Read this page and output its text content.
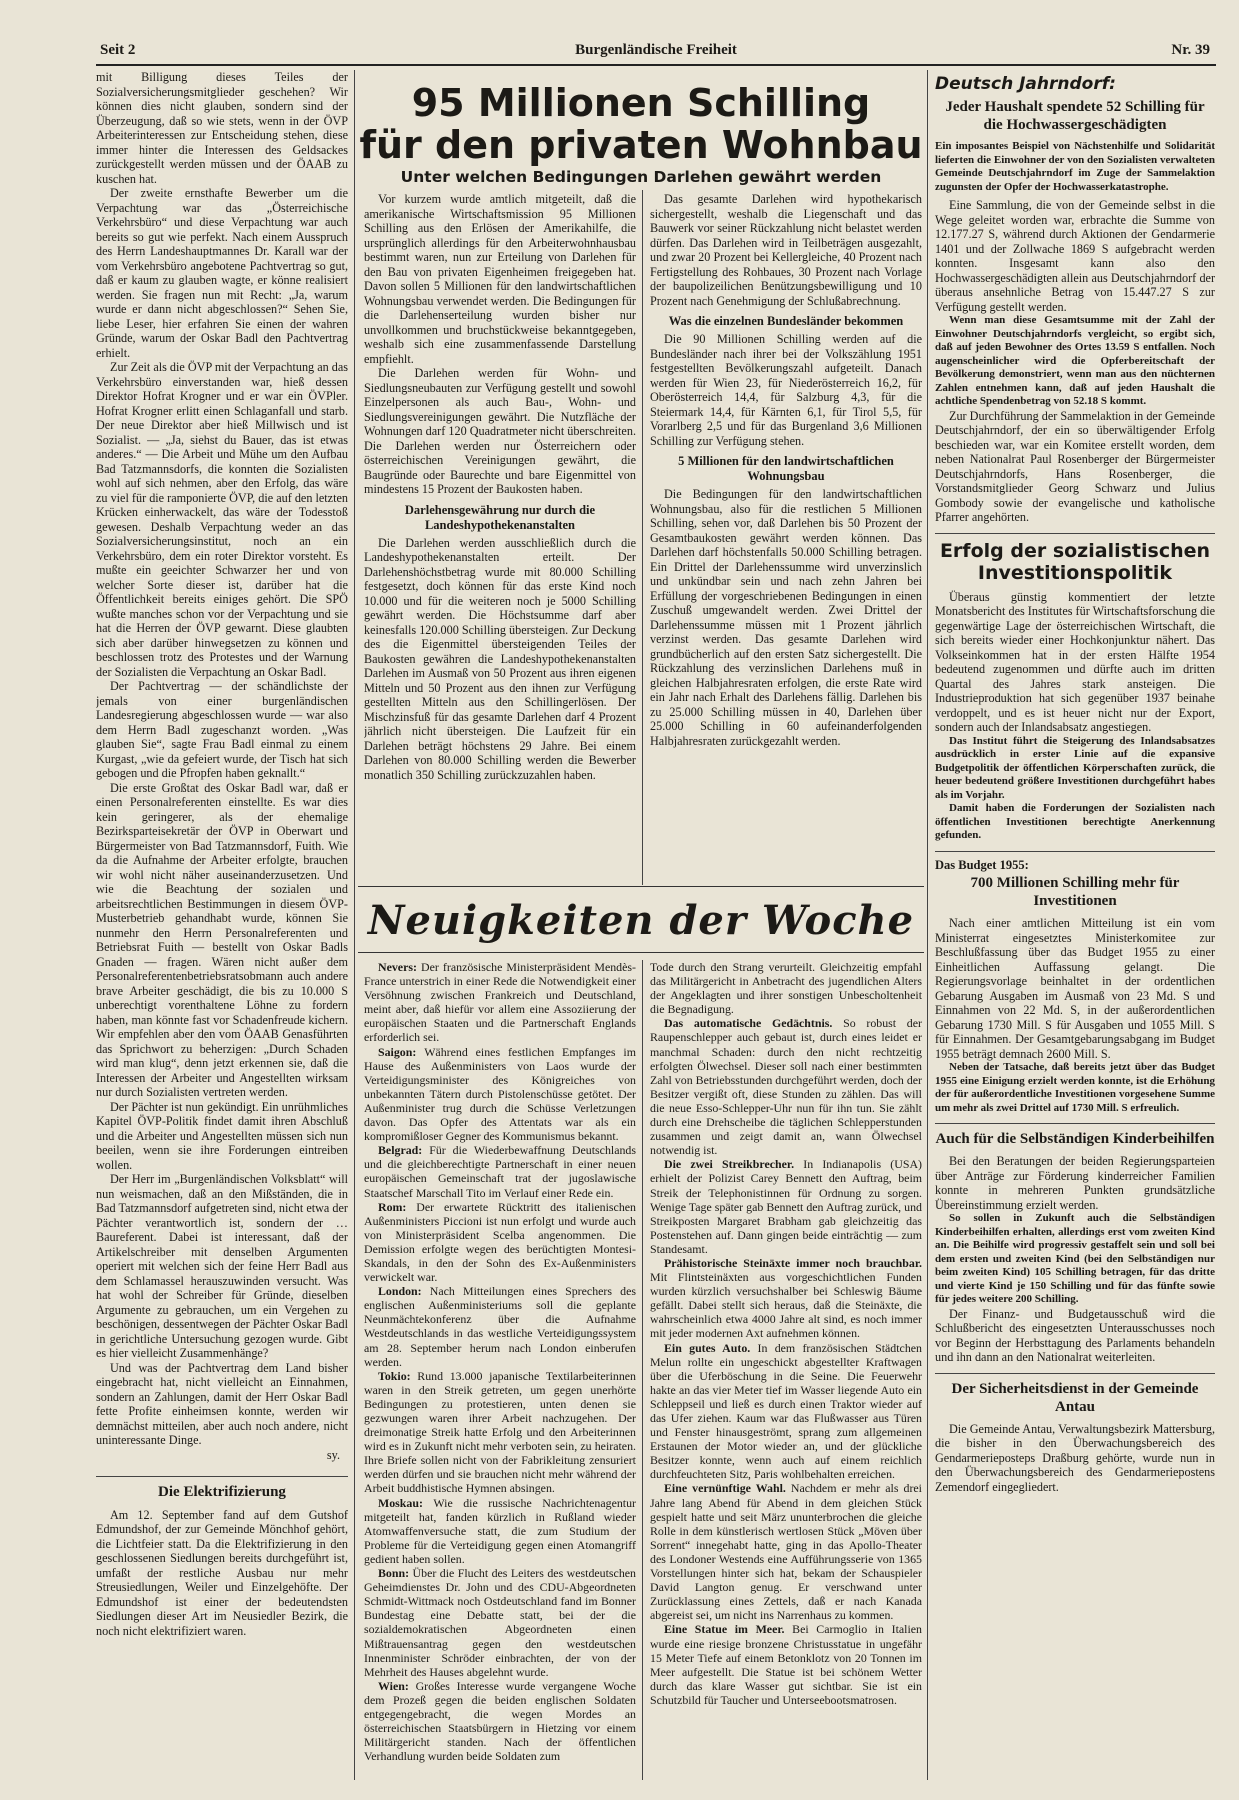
Seit 2	Burgenländische Freiheit	Nr. 39

mit Billigung dieses Teiles der Sozialversicherungsmitglieder geschehen? Wir können dies nicht glauben, sondern sind der Überzeugung, daß so wie stets, wenn in der ÖVP Arbeiterinteressen zur Entscheidung stehen, diese immer hinter die Interessen des Geldsackes zurückgestellt werden müssen und der ÖAAB zu kuschen hat.

Der zweite ernsthafte Bewerber um die Verpachtung war das „Österreichische Verkehrsbüro“ und diese Verpachtung war auch bereits so gut wie perfekt. Nach einem Ausspruch des Herrn Landeshauptmannes Dr. Karall war der vom Verkehrsbüro angebotene Pachtvertrag so gut, daß er kaum zu glauben wagte, er könne realisiert werden. Sie fragen nun mit Recht: „Ja, warum wurde er dann nicht abgeschlossen?“ Sehen Sie, liebe Leser, hier erfahren Sie einen der wahren Gründe, warum der Oskar Badl den Pachtvertrag erhielt.

Zur Zeit als die ÖVP mit der Verpachtung an das Verkehrsbüro einverstanden war, hieß dessen Direktor Hofrat Krogner und er war ein ÖVPler. Hofrat Krogner erlitt einen Schlaganfall und starb. Der neue Direktor aber hieß Millwisch und ist Sozialist. — „Ja, siehst du Bauer, das ist etwas anderes.“ — Die Arbeit und Mühe um den Aufbau Bad Tatzmannsdorfs, die konnten die Sozialisten wohl auf sich nehmen, aber den Erfolg, das wäre zu viel für die ramponierte ÖVP, die auf den letzten Krücken einherwackelt, das wäre der Todesstoß gewesen. Deshalb Verpachtung weder an das Sozialversicherungsinstitut, noch an ein Verkehrsbüro, dem ein roter Direktor vorsteht. Es mußte ein geeichter Schwarzer her und von welcher Sorte dieser ist, darüber hat die Öffentlichkeit bereits einiges gehört. Die SPÖ wußte manches schon vor der Verpachtung und sie hat die Herren der ÖVP gewarnt. Diese glaubten sich aber darüber hinwegsetzen zu können und beschlossen trotz des Protestes und der Warnung der Sozialisten die Verpachtung an Oskar Badl.

Der Pachtvertrag — der schändlichste der jemals von einer burgenländischen Landesregierung abgeschlossen wurde — war also dem Herrn Badl zugeschanzt worden. „Was glauben Sie“, sagte Frau Badl einmal zu einem Kurgast, „wie da gefeiert wurde, der Tisch hat sich gebogen und die Pfropfen haben geknallt.“

Die erste Großtat des Oskar Badl war, daß er einen Personalreferenten einstellte. Es war dies kein geringerer, als der ehemalige Bezirksparteisekretär der ÖVP in Oberwart und Bürgermeister von Bad Tatzmannsdorf, Fuith. Wie da die Aufnahme der Arbeiter erfolgte, brauchen wir wohl nicht näher auseinanderzusetzen. Und wie die Beachtung der sozialen und arbeitsrechtlichen Bestimmungen in diesem ÖVP-Musterbetrieb gehandhabt wurde, können Sie nunmehr den Herrn Personalreferenten und Betriebsrat Fuith — bestellt von Oskar Badls Gnaden — fragen. Wären nicht außer dem Personalreferentenbetriebsratsobmann auch andere brave Arbeiter geschädigt, die bis zu 10.000 S unberechtigt vorenthaltene Löhne zu fordern haben, man könnte fast vor Schadenfreude kichern. Wir empfehlen aber den vom ÖAAB Genasführten das Sprichwort zu beherzigen: „Durch Schaden wird man klug“, denn jetzt erkennen sie, daß die Interessen der Arbeiter und Angestellten wirksam nur durch Sozialisten vertreten werden.

Der Pächter ist nun gekündigt. Ein unrühmliches Kapitel ÖVP-Politik findet damit ihren Abschluß und die Arbeiter und Angestellten müssen sich nun beeilen, wenn sie ihre Forderungen eintreiben wollen.

Der Herr im „Burgenländischen Volksblatt“ will nun weismachen, daß an den Mißständen, die in Bad Tatzmannsdorf aufgetreten sind, nicht etwa der Pächter verantwortlich ist, sondern der … Baureferent. Dabei ist interessant, daß der Artikelschreiber mit denselben Argumenten operiert mit welchen sich der feine Herr Badl aus dem Schlamassel herauszuwinden versucht. Was hat wohl der Schreiber für Gründe, dieselben Argumente zu gebrauchen, um ein Vergehen zu beschönigen, dessentwegen der Pächter Oskar Badl in gerichtliche Untersuchung gezogen wurde. Gibt es hier vielleicht Zusammenhänge?

Und was der Pachtvertrag dem Land bisher eingebracht hat, nicht vielleicht an Einnahmen, sondern an Zahlungen, damit der Herr Oskar Badl fette Profite einheimsen konnte, werden wir demnächst mitteilen, aber auch noch andere, nicht uninteressante Dinge.

sy.
Die Elektrifizierung

Am 12. September fand auf dem Gutshof Edmundshof, der zur Gemeinde Mönchhof gehört, die Lichtfeier statt. Da die Elektrifizierung in den geschlossenen Siedlungen bereits durchgeführt ist, umfaßt der restliche Ausbau nur mehr Streusiedlungen, Weiler und Einzelgehöfte. Der Edmundshof ist einer der bedeutendsten Siedlungen dieser Art im Neusiedler Bezirk, die noch nicht elektrifiziert waren.

95 Millionen Schilling
für den privaten Wohnbau
Unter welchen Bedingungen Darlehen gewährt werden

Vor kurzem wurde amtlich mitgeteilt, daß die amerikanische Wirtschaftsmission 95 Millionen Schilling aus den Erlösen der Amerikahilfe, die ursprünglich allerdings für den Arbeiterwohnhausbau bestimmt waren, nun zur Erteilung von Darlehen für den Bau von privaten Eigenheimen freigegeben hat. Davon sollen 5 Millionen für den landwirtschaftlichen Wohnungsbau verwendet werden. Die Bedingungen für die Darlehenserteilung wurden bisher nur unvollkommen und bruchstückweise bekanntgegeben, weshalb sich eine zusammenfassende Darstellung empfiehlt.

Die Darlehen werden für Wohn- und Siedlungsneubauten zur Verfügung gestellt und sowohl Einzelpersonen als auch Bau-, Wohn- und Siedlungsvereinigungen gewährt. Die Nutzfläche der Wohnungen darf 120 Quadratmeter nicht überschreiten. Die Darlehen werden nur Österreichern oder österreichischen Vereinigungen gewährt, die Baugründe oder Baurechte und bare Eigenmittel von mindestens 15 Prozent der Baukosten haben.

Darlehensgewährung nur durch die Landeshypothekenanstalten

Die Darlehen werden ausschließlich durch die Landeshypothekenanstalten erteilt. Der Darlehenshöchstbetrag wurde mit 80.000 Schilling festgesetzt, doch können für das erste Kind noch 10.000 und für die weiteren noch je 5000 Schilling gewährt werden. Die Höchstsumme darf aber keinesfalls 120.000 Schilling übersteigen. Zur Deckung des die Eigenmittel übersteigenden Teiles der Baukosten gewähren die Landeshypothekenanstalten Darlehen im Ausmaß von 50 Prozent aus ihren eigenen Mitteln und 50 Prozent aus den ihnen zur Verfügung gestellten Mitteln aus den Schillingerlösen. Der Mischzinsfuß für das gesamte Darlehen darf 4 Prozent jährlich nicht übersteigen. Die Laufzeit für ein Darlehen beträgt höchstens 29 Jahre. Bei einem Darlehen von 80.000 Schilling werden die Bewerber monatlich 350 Schilling zurückzuzahlen haben.

Das gesamte Darlehen wird hypothekarisch sichergestellt, weshalb die Liegenschaft und das Bauwerk vor seiner Rückzahlung nicht belastet werden dürfen. Das Darlehen wird in Teilbeträgen ausgezahlt, und zwar 20 Prozent bei Kellergleiche, 40 Prozent nach Fertigstellung des Rohbaues, 30 Prozent nach Vorlage der baupolizeilichen Benützungsbewilligung und 10 Prozent nach Genehmigung der Schlußabrechnung.

Was die einzelnen Bundesländer bekommen

Die 90 Millionen Schilling werden auf die Bundesländer nach ihrer bei der Volkszählung 1951 festgestellten Bevölkerungszahl aufgeteilt. Danach werden für Wien 23, für Niederösterreich 16,2, für Oberösterreich 14,4, für Salzburg 4,3, für die Steiermark 14,4, für Kärnten 6,1, für Tirol 5,5, für Vorarlberg 2,5 und für das Burgenland 3,6 Millionen Schilling zur Verfügung stehen.

5 Millionen für den landwirtschaftlichen Wohnungsbau

Die Bedingungen für den landwirtschaftlichen Wohnungsbau, also für die restlichen 5 Millionen Schilling, sehen vor, daß Darlehen bis 50 Prozent der Gesamtbaukosten gewährt werden können. Das Darlehen darf höchstenfalls 50.000 Schilling betragen. Ein Drittel der Darlehenssumme wird unverzinslich und unkündbar sein und nach zehn Jahren bei Erfüllung der vorgeschriebenen Bedingungen in einen Zuschuß umgewandelt werden. Zwei Drittel der Darlehenssumme müssen mit 1 Prozent jährlich verzinst werden. Das gesamte Darlehen wird grundbücherlich auf den ersten Satz sichergestellt. Die Rückzahlung des verzinslichen Darlehens muß in gleichen Halbjahresraten erfolgen, die erste Rate wird ein Jahr nach Erhalt des Darlehens fällig. Darlehen bis zu 25.000 Schilling müssen in 40, Darlehen über 25.000 Schilling in 60 aufeinanderfolgenden Halbjahresraten zurückgezahlt werden.

Neuigkeiten der Woche

Nevers: Der französische Ministerpräsident Mendès-France unterstrich in einer Rede die Notwendigkeit einer Versöhnung zwischen Frankreich und Deutschland, meint aber, daß hiefür vor allem eine Assoziierung der europäischen Staaten und die Partnerschaft Englands erforderlich sei.

Saigon: Während eines festlichen Empfanges im Hause des Außenministers von Laos wurde der Verteidigungsminister des Königreiches von unbekannten Tätern durch Pistolenschüsse getötet. Der Außenminister trug durch die Schüsse Verletzungen davon. Das Opfer des Attentats war als ein kompromißloser Gegner des Kommunismus bekannt.

Belgrad: Für die Wiederbewaffnung Deutschlands und die gleichberechtigte Partnerschaft in einer neuen europäischen Gemeinschaft trat der jugoslawische Staatschef Marschall Tito im Verlauf einer Rede ein.

Rom: Der erwartete Rücktritt des italienischen Außenministers Piccioni ist nun erfolgt und wurde auch von Ministerpräsident Scelba angenommen. Die Demission erfolgte wegen des berüchtigten Montesi-Skandals, in den der Sohn des Ex-Außenministers verwickelt war.

London: Nach Mitteilungen eines Sprechers des englischen Außenministeriums soll die geplante Neunmächtekonferenz über die Aufnahme Westdeutschlands in das westliche Verteidigungssystem am 28. September herum nach London einberufen werden.

Tokio: Rund 13.000 japanische Textilarbeiterinnen waren in den Streik getreten, um gegen unerhörte Bedingungen zu protestieren, unten denen sie gezwungen waren ihrer Arbeit nachzugehen. Der dreimonatige Streik hatte Erfolg und den Arbeiterinnen wird es in Zukunft nicht mehr verboten sein, zu heiraten. Ihre Briefe sollen nicht von der Fabrikleitung zensuriert werden dürfen und sie brauchen nicht mehr während der Arbeit buddhistische Hymnen absingen.

Moskau: Wie die russische Nachrichtenagentur mitgeteilt hat, fanden kürzlich in Rußland wieder Atomwaffenversuche statt, die zum Studium der Probleme für die Verteidigung gegen einen Atomangriff gedient haben sollen.

Bonn: Über die Flucht des Leiters des westdeutschen Geheimdienstes Dr. John und des CDU-Abgeordneten Schmidt-Wittmack noch Ostdeutschland fand im Bonner Bundestag eine Debatte statt, bei der die sozialdemokratischen Abgeordneten einen Mißtrauensantrag gegen den westdeutschen Innenminister Schröder einbrachten, der von der Mehrheit des Hauses abgelehnt wurde.

Wien: Großes Interesse wurde vergangene Woche dem Prozeß gegen die beiden englischen Soldaten entgegengebracht, die wegen Mordes an österreichischen Staatsbürgern in Hietzing vor einem Militärgericht standen. Nach der öffentlichen Verhandlung wurden beide Soldaten zum

Tode durch den Strang verurteilt. Gleichzeitig empfahl das Militärgericht in Anbetracht des jugendlichen Alters der Angeklagten und ihrer sonstigen Unbescholtenheit die Begnadigung.

Das automatische Gedächtnis. So robust der Raupenschlepper auch gebaut ist, durch eines leidet er manchmal Schaden: durch den nicht rechtzeitig erfolgten Ölwechsel. Dieser soll nach einer bestimmten Zahl von Betriebsstunden durchgeführt werden, doch der Besitzer vergißt oft, diese Stunden zu zählen. Das will die neue Esso-Schlepper-Uhr nun für ihn tun. Sie zählt durch eine Drehscheibe die täglichen Schlepperstunden zusammen und zeigt damit an, wann Ölwechsel notwendig ist.

Die zwei Streikbrecher. In Indianapolis (USA) erhielt der Polizist Carey Bennett den Auftrag, beim Streik der Telephonistinnen für Ordnung zu sorgen. Wenige Tage später gab Bennett den Auftrag zurück, und Streikposten Margaret Brabham gab gleichzeitig das Postenstehen auf. Dann gingen beide einträchtig — zum Standesamt.

Prähistorische Steinäxte immer noch brauchbar. Mit Flintsteinäxten aus vorgeschichtlichen Funden wurden kürzlich versuchshalber bei Schleswig Bäume gefällt. Dabei stellt sich heraus, daß die Steinäxte, die wahrscheinlich etwa 4000 Jahre alt sind, es noch immer mit jeder modernen Axt aufnehmen können.

Ein gutes Auto. In dem französischen Städtchen Melun rollte ein ungeschickt abgestellter Kraftwagen über die Uferböschung in die Seine. Die Feuerwehr hakte an das vier Meter tief im Wasser liegende Auto ein Schleppseil und ließ es durch einen Traktor wieder auf das Ufer ziehen. Kaum war das Flußwasser aus Türen und Fenster hinausgeströmt, sprang zum allgemeinen Erstaunen der Motor wieder an, und der glückliche Besitzer konnte, wenn auch auf einem reichlich durchfeuchteten Sitz, Paris wohlbehalten erreichen.

Eine vernünftige Wahl. Nachdem er mehr als drei Jahre lang Abend für Abend in dem gleichen Stück gespielt hatte und seit März ununterbrochen die gleiche Rolle in dem künstlerisch wertlosen Stück „Möven über Sorrent“ innegehabt hatte, ging in das Apollo-Theater des Londoner Westends eine Aufführungsserie von 1365 Vorstellungen hinter sich hat, bekam der Schauspieler David Langton genug. Er verschwand unter Zurücklassung eines Zettels, daß er nach Kanada abgereist sei, um nicht ins Narrenhaus zu kommen.

Eine Statue im Meer. Bei Carmoglio in Italien wurde eine riesige bronzene Christusstatue in ungefähr 15 Meter Tiefe auf einem Betonklotz von 20 Tonnen im Meer aufgestellt. Die Statue ist bei schönem Wetter durch das klare Wasser gut sichtbar. Sie ist ein Schutzbild für Taucher und Unterseebootsmatrosen.

Deutsch Jahrndorf:
Jeder Haushalt spendete 52 Schilling für die Hochwassergeschädigten

Ein imposantes Beispiel von Nächstenhilfe und Solidarität lieferten die Einwohner der von den Sozialisten verwalteten Gemeinde Deutschjahrndorf im Zuge der Sammelaktion zugunsten der Opfer der Hochwasserkatastrophe.

Eine Sammlung, die von der Gemeinde selbst in die Wege geleitet worden war, erbrachte die Summe von 12.177.27 S, während durch Aktionen der Gendarmerie 1401 und der Zollwache 1869 S aufgebracht werden konnten. Insgesamt kann also den Hochwassergeschädigten allein aus Deutschjahrndorf der überaus ansehnliche Betrag von 15.447.27 S zur Verfügung gestellt werden.

Wenn man diese Gesamtsumme mit der Zahl der Einwohner Deutschjahrndorfs vergleicht, so ergibt sich, daß auf jeden Bewohner des Ortes 13.59 S entfallen. Noch augenscheinlicher wird die Opferbereitschaft der Bevölkerung demonstriert, wenn man aus den nüchternen Zahlen entnehmen kann, daß auf jeden Haushalt die achtliche Spendenbetrag von 52.18 S kommt.

Zur Durchführung der Sammelaktion in der Gemeinde Deutschjahrndorf, der ein so überwältigender Erfolg beschieden war, war ein Komitee erstellt worden, dem neben Nationalrat Paul Rosenberger der Bürgermeister Deutschjahrndorfs, Hans Rosenberger, die Vorstandsmitglieder Georg Schwarz und Julius Gombody sowie der evangelische und katholische Pfarrer angehörten.

Erfolg der sozialistischen Investitionspolitik

Überaus günstig kommentiert der letzte Monatsbericht des Institutes für Wirtschaftsforschung die gegenwärtige Lage der österreichischen Wirtschaft, die sich bereits wieder einer Hochkonjunktur nähert. Das Volkseinkommen hat in der ersten Hälfte 1954 bedeutend zugenommen und dürfte auch im dritten Quartal des Jahres stark ansteigen. Die Industrieproduktion hat sich gegenüber 1937 beinahe verdoppelt, und es ist heuer nicht nur der Export, sondern auch der Inlandsabsatz angestiegen.

Das Institut führt die Steigerung des Inlandsabsatzes ausdrücklich in erster Linie auf die expansive Budgetpolitik der öffentlichen Körperschaften zurück, die heuer bedeutend größere Investitionen durchgeführt habes als im Vorjahr.

Damit haben die Forderungen der Sozialisten nach öffentlichen Investitionen berechtigte Anerkennung gefunden.

Das Budget 1955:
700 Millionen Schilling mehr für Investitionen

Nach einer amtlichen Mitteilung ist ein vom Ministerrat eingesetztes Ministerkomitee zur Beschlußfassung über das Budget 1955 zu einer Einheitlichen Auffassung gelangt. Die Regierungsvorlage beinhaltet in der ordentlichen Gebarung Ausgaben im Ausmaß von 23 Md. S und Einnahmen von 22 Md. S, in der außerordentlichen Gebarung 1730 Mill. S für Ausgaben und 1055 Mill. S für Einnahmen. Der Gesamtgebarungsabgang im Budget 1955 beträgt demnach 2600 Mill. S.

Neben der Tatsache, daß bereits jetzt über das Budget 1955 eine Einigung erzielt werden konnte, ist die Erhöhung der für außerordentliche Investitionen vorgesehene Summe um mehr als zwei Drittel auf 1730 Mill. S erfreulich.

Auch für die Selbständigen Kinderbeihilfen

Bei den Beratungen der beiden Regierungsparteien über Anträge zur Förderung kinderreicher Familien konnte in mehreren Punkten grundsätzliche Übereinstimmung erzielt werden.

So sollen in Zukunft auch die Selbständigen Kinderbeihilfen erhalten, allerdings erst vom zweiten Kind an. Die Beihilfe wird progressiv gestaffelt sein und soll bei dem ersten und zweiten Kind (bei den Selbständigen nur beim zweiten Kind) 105 Schilling betragen, für das dritte und vierte Kind je 150 Schilling und für das fünfte sowie für jedes weitere 200 Schilling.

Der Finanz- und Budgetausschuß wird die Schlußbericht des eingesetzten Unterausschusses noch vor Beginn der Herbsttagung des Parlaments behandeln und ihn dann an den Nationalrat weiterleiten.

Der Sicherheitsdienst in der Gemeinde Antau

Die Gemeinde Antau, Verwaltungsbezirk Mattersburg, die bisher in den Überwachungsbereich des Gendarmerieposteps Draßburg gehörte, wurde nun in den Überwachungsbereich des Gendarmeriepostens Zemendorf eingegliedert.
